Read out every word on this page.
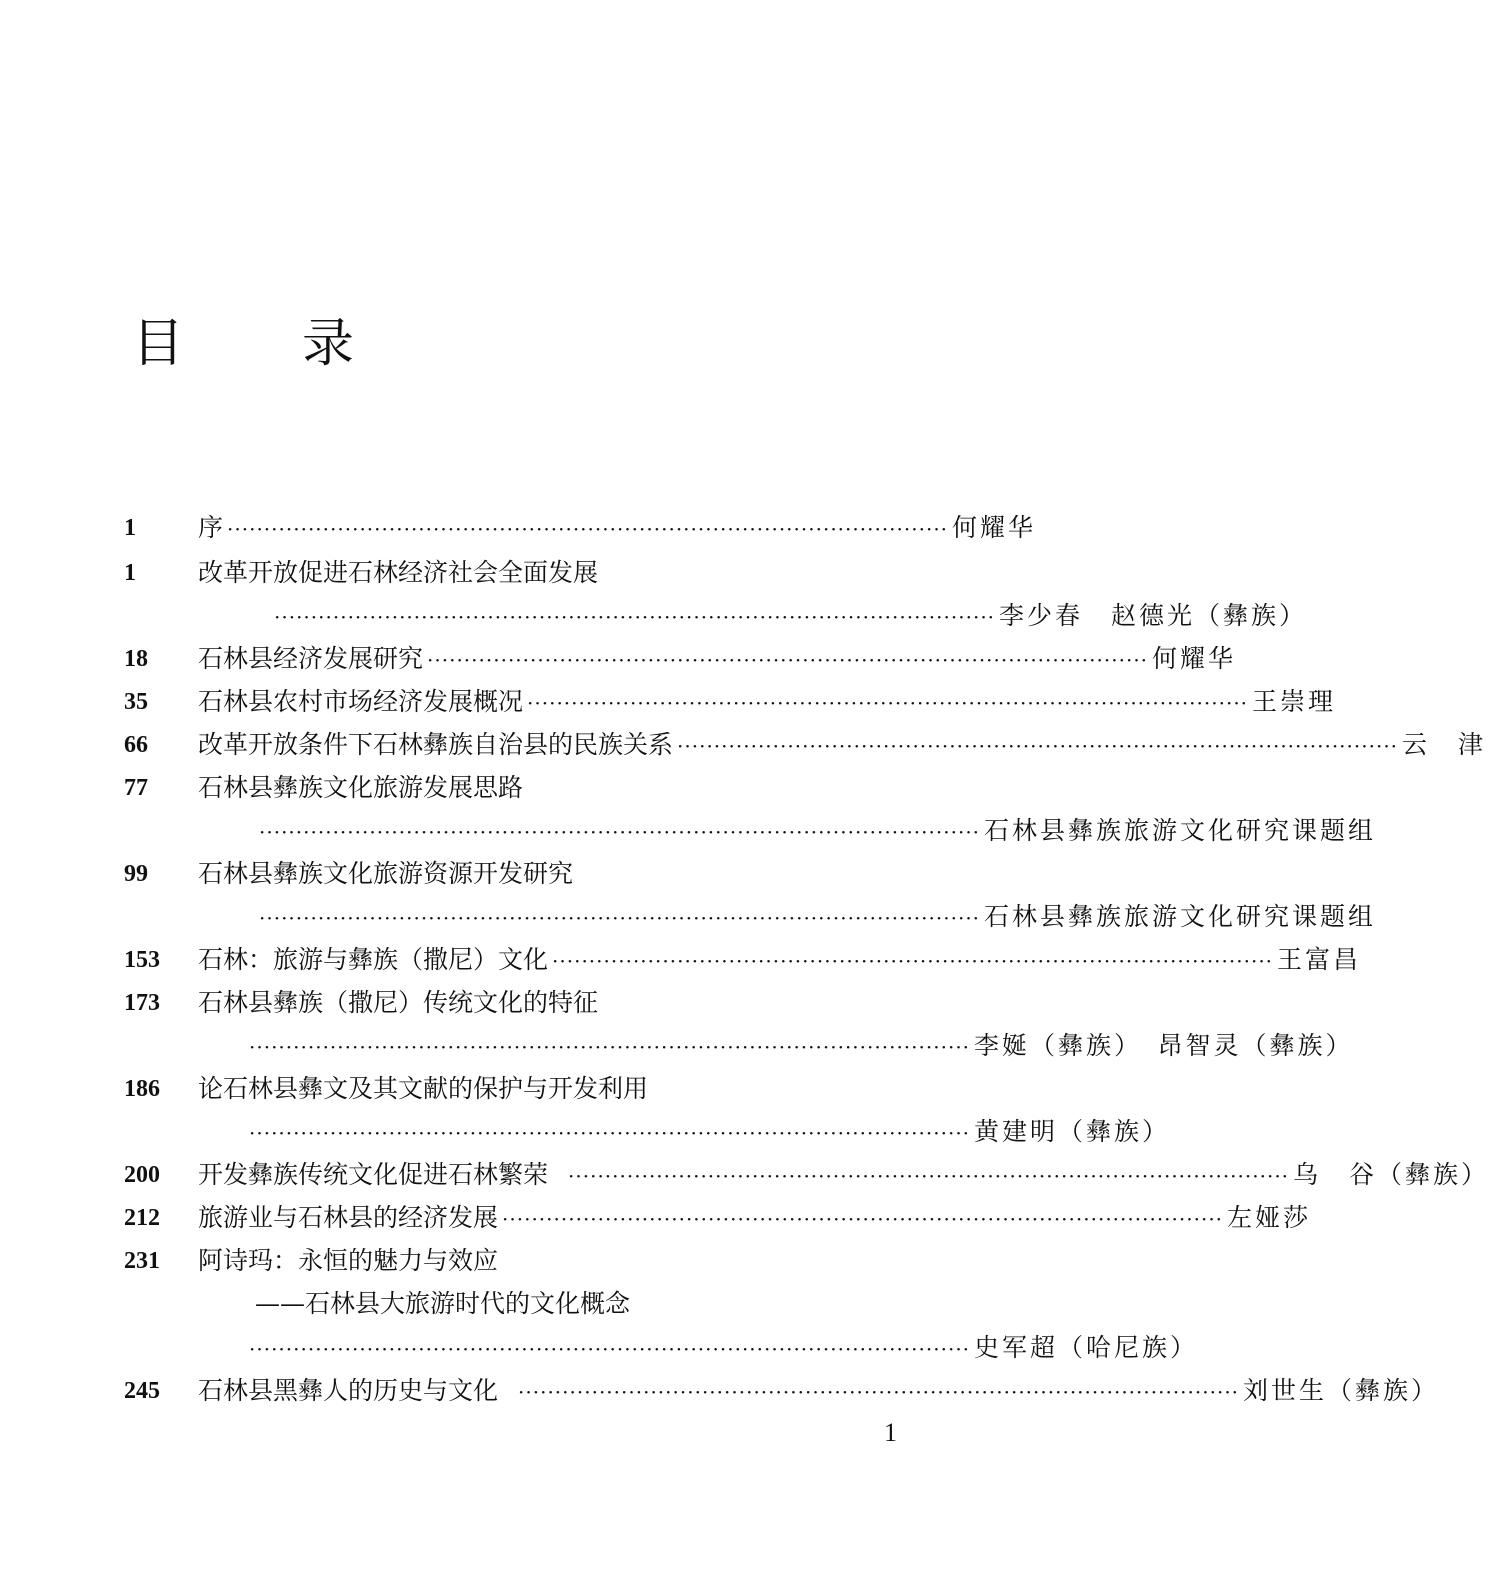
目	录
1	序 ·································································································· 何耀华
1	改革开放促进石林经济社会全面发展
·································································································· 李少春　赵德光（彝族）
18	石林县经济发展研究 ·································································································· 何耀华
35	石林县农村市场经济发展概况 ·································································································· 王崇理
66	改革开放条件下石林彝族自治县的民族关系 ·································································································· 云　津
77	石林县彝族文化旅游发展思路
·································································································· 石林县彝族旅游文化研究课题组
99	石林县彝族文化旅游资源开发研究
·································································································· 石林县彝族旅游文化研究课题组
153	石林：旅游与彝族（撒尼）文化 ·································································································· 王富昌
173	石林县彝族（撒尼）传统文化的特征
·································································································· 李娫（彝族）　昂智灵（彝族）
186	论石林县彝文及其文献的保护与开发利用
·································································································· 黄建明（彝族）
200	开发彝族传统文化促进石林繁荣 ·································································································· 乌　谷（彝族）
212	旅游业与石林县的经济发展 ·································································································· 左娅莎
231	阿诗玛：永恒的魅力与效应
——石林县大旅游时代的文化概念
·································································································· 史军超（哈尼族）
245	石林县黑彝人的历史与文化 ·································································································· 刘世生（彝族）
1
